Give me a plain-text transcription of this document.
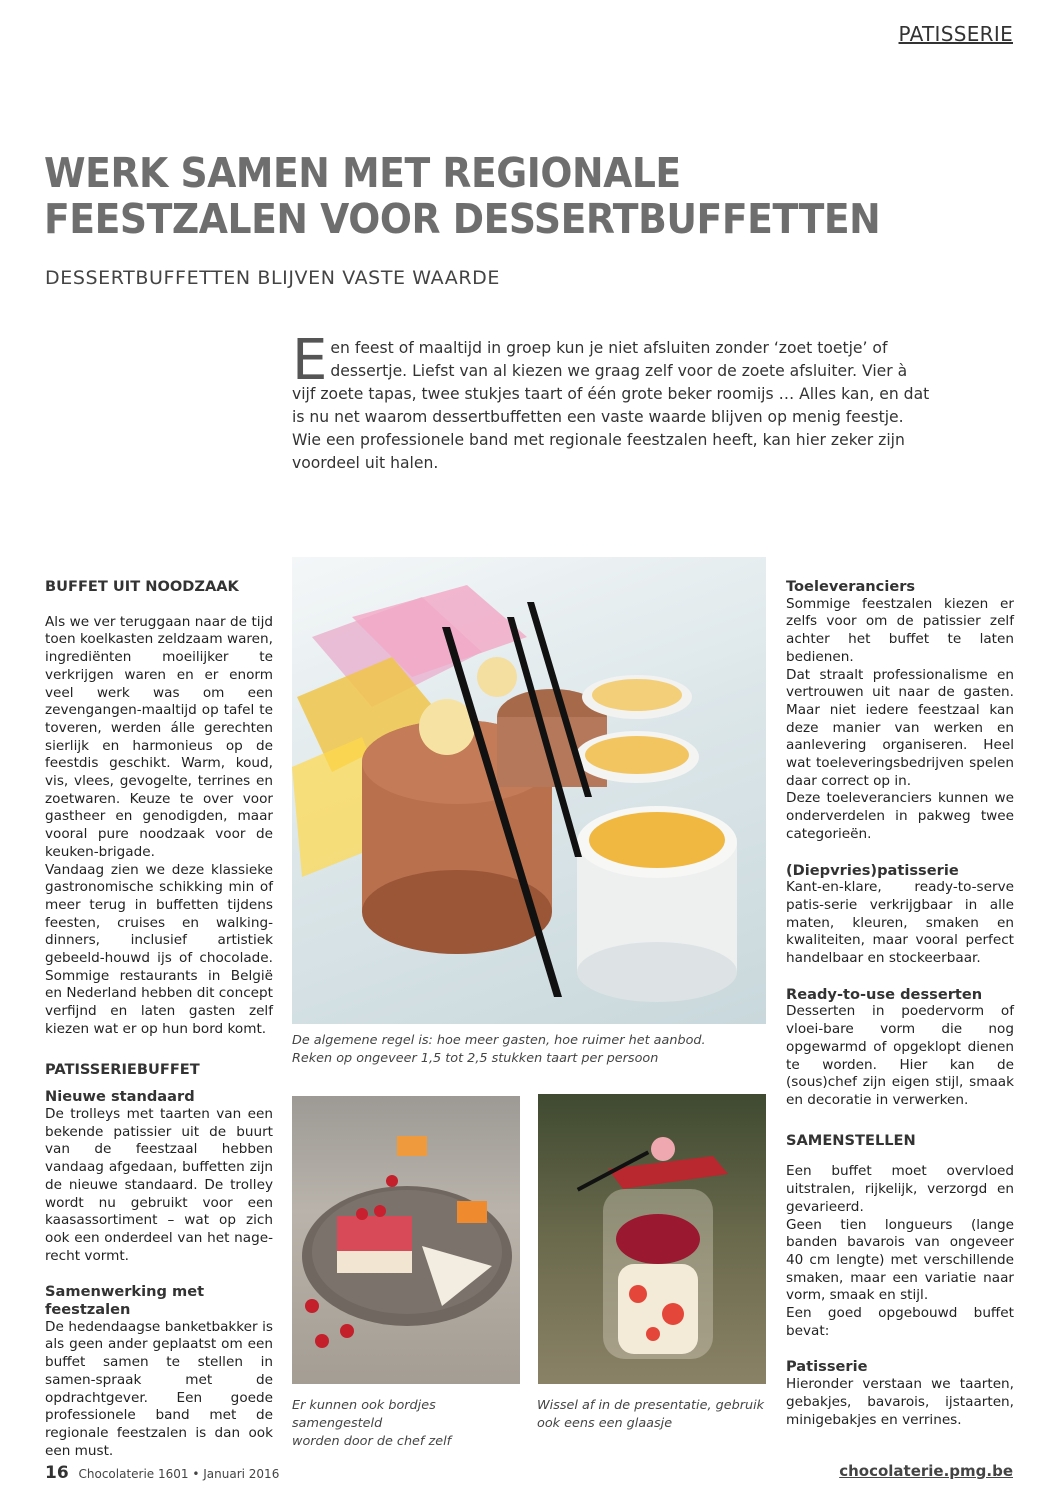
PATISSERIE
WERK SAMEN MET REGIONALE
FEESTZALEN VOOR DESSERTBUFFETTEN
DESSERTBUFFETTEN BLIJVEN VASTE WAARDE
Een feest of maaltijd in groep kun je niet afsluiten zonder ‘zoet toetje’ of dessertje. Liefst van al kiezen we graag zelf voor de zoete afsluiter. Vier à vijf zoete tapas, twee stukjes taart of één grote beker roomijs … Alles kan, en dat is nu net waarom dessertbuffetten een vaste waarde blijven op menig feestje. Wie een professionele band met regionale feestzalen heeft, kan hier zeker zijn voordeel uit halen.
BUFFET UIT NOODZAAK

Als we ver teruggaan naar de tijd toen koelkasten zeldzaam waren, ingrediënten moeilijker te verkrijgen waren en er enorm veel werk was om een zevengangen-maaltijd op tafel te toveren, werden álle gerechten sierlijk en harmonieus op de feestdis geschikt. Warm, koud, vis, vlees, gevogelte, terrines en zoetwaren. Keuze te over voor gastheer en genodigden, maar vooral pure noodzaak voor de keuken-brigade.

Vandaag zien we deze klassieke gastronomische schikking min of meer terug in buffetten tijdens feesten, cruises en walking-dinners, inclusief artistiek gebeeld-houwd ijs of chocolade. Sommige restaurants in België en Nederland hebben dit concept verfijnd en laten gasten zelf kiezen wat er op hun bord komt.

PATISSERIEBUFFET
Nieuwe standaard

De trolleys met taarten van een bekende patissier uit de buurt van de feestzaal hebben vandaag afgedaan, buffetten zijn de nieuwe standaard. De trolley wordt nu gebruikt voor een kaasassortiment – wat op zich ook een onderdeel van het nage-recht vormt.

Samenwerking met feestzalen

De hedendaagse banketbakker is als geen ander geplaatst om een buffet samen te stellen in samen-spraak met de opdrachtgever. Een goede professionele band met de regionale feestzalen is dan ook een must.

De algemene regel is: hoe meer gasten, hoe ruimer het aanbod.
Reken op ongeveer 1,5 tot 2,5 stukken taart per persoon
Er kunnen ook bordjes samengesteld
worden door de chef zelf
Wissel af in de presentatie, gebruik
ook eens een glaasje
Toeleveranciers

Sommige feestzalen kiezen er zelfs voor om de patissier zelf achter het buffet te laten bedienen.

Dat straalt professionalisme en vertrouwen uit naar de gasten. Maar niet iedere feestzaal kan deze manier van werken en aanlevering organiseren. Heel wat toeleveringsbedrijven spelen daar correct op in.

Deze toeleveranciers kunnen we onderverdelen in pakweg twee categorieën.

(Diepvries)patisserie

Kant-en-klare, ready-to-serve patis-serie verkrijgbaar in alle maten, kleuren, smaken en kwaliteiten, maar vooral perfect handelbaar en stockeerbaar.

Ready-to-use desserten

Desserten in poedervorm of vloei-bare vorm die nog opgewarmd of opgeklopt dienen te worden. Hier kan de (sous)chef zijn eigen stijl, smaak en decoratie in verwerken.

SAMENSTELLEN

Een buffet moet overvloed uitstralen, rijkelijk, verzorgd en gevarieerd.

Geen tien longueurs (lange banden bavarois van ongeveer 40 cm lengte) met verschillende smaken, maar een variatie naar vorm, smaak en stijl.

Een goed opgebouwd buffet bevat:

Patisserie

Hieronder verstaan we taarten, gebakjes, bavarois, ijstaarten, minigebakjes en verrines.

16 Chocolaterie 1601 • Januari 2016	chocolaterie.pmg.be
